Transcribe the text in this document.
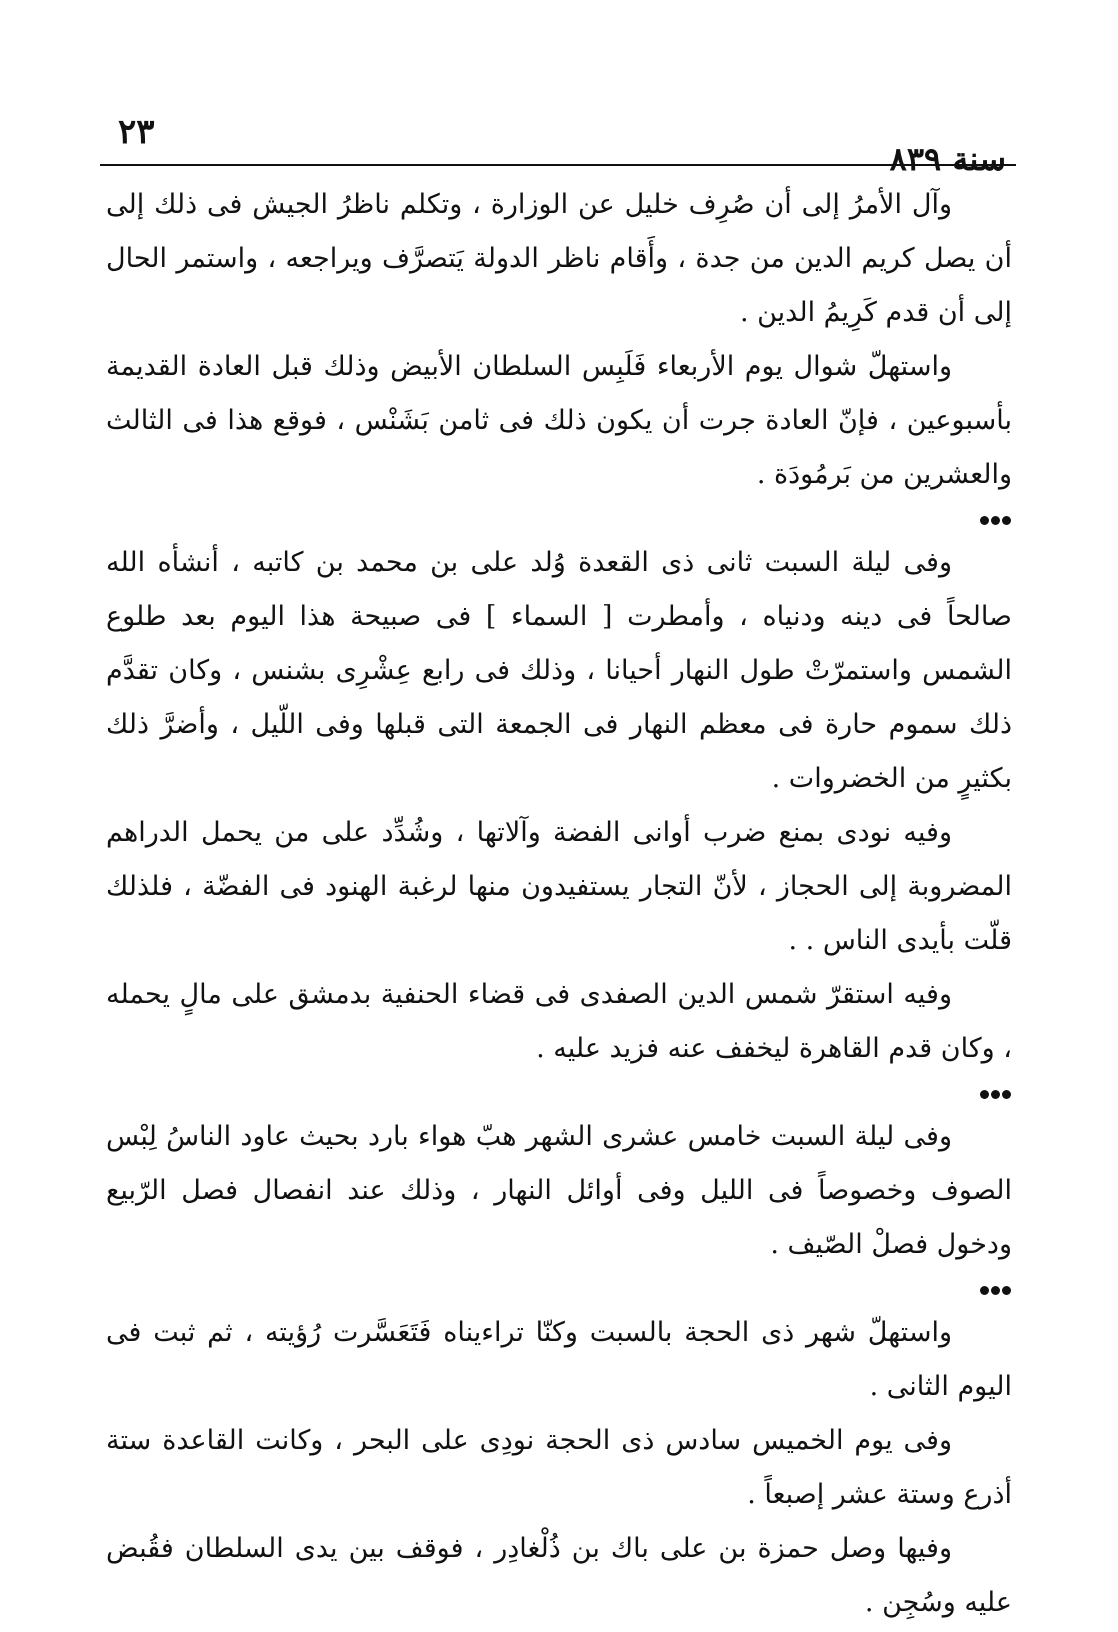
٢٣
سنة ٨٣٩

وآل الأمرُ إلى أن صُرِف خليل عن الوزارة ، وتكلم ناظرُ الجيش فى ذلك إلى أن يصل كريم الدين من جدة ، وأَقام ناظر الدولة يَتصرَّف ويراجعه ، واستمر الحال إلى أن قدم كَرِيمُ الدين .

واستهلّ شوال يوم الأربعاء فَلَبِس السلطان الأبيض وذلك قبل العادة القديمة بأسبوعين ، فإنّ العادة جرت أن يكون ذلك فى ثامن بَشَنْس ، فوقع هذا فى الثالث والعشرين من بَرمُودَة .

وفى ليلة السبت ثانى ذى القعدة وُلد على بن محمد بن كاتبه ، أنشأه الله صالحاً فى دينه ودنياه ، وأمطرت [ السماء ] فى صبيحة هذا اليوم بعد طلوع الشمس واستمرّتْ طول النهار أحيانا ، وذلك فى رابع عِشْرِى بشنس ، وكان تقدَّم ذلك سموم حارة فى معظم النهار فى الجمعة التى قبلها وفى اللّيل ، وأضرَّ ذلك بكثيرٍ من الخضروات .

وفيه نودى بمنع ضرب أوانى الفضة وآلاتها ، وشُدِّد على من يحمل الدراهم المضروبة إلى الحجاز ، لأنّ التجار يستفيدون منها لرغبة الهنود فى الفضّة ، فلذلك قلّت بأيدى الناس . .

وفيه استقرّ شمس الدين الصفدى فى قضاء الحنفية بدمشق على مالٍ يحمله ، وكان قدم القاهرة ليخفف عنه فزيد عليه .

وفى ليلة السبت خامس عشرى الشهر هبّ هواء بارد بحيث عاود الناسُ لِبْس الصوف وخصوصاً فى الليل وفى أوائل النهار ، وذلك عند انفصال فصل الرّبيع ودخول فصلْ الصّيف .

واستهلّ شهر ذى الحجة بالسبت وكنّا تراءيناه فَتَعَسَّرت رُؤيته ، ثم ثبت فى اليوم الثانى .

وفى يوم الخميس سادس ذى الحجة نودِى على البحر ، وكانت القاعدة ستة أذرع وستة عشر إصبعاً .

وفيها وصل حمزة بن على باك بن ذُلْغادِر ، فوقف بين يدى السلطان فقُبض عليه وسُجِن .
